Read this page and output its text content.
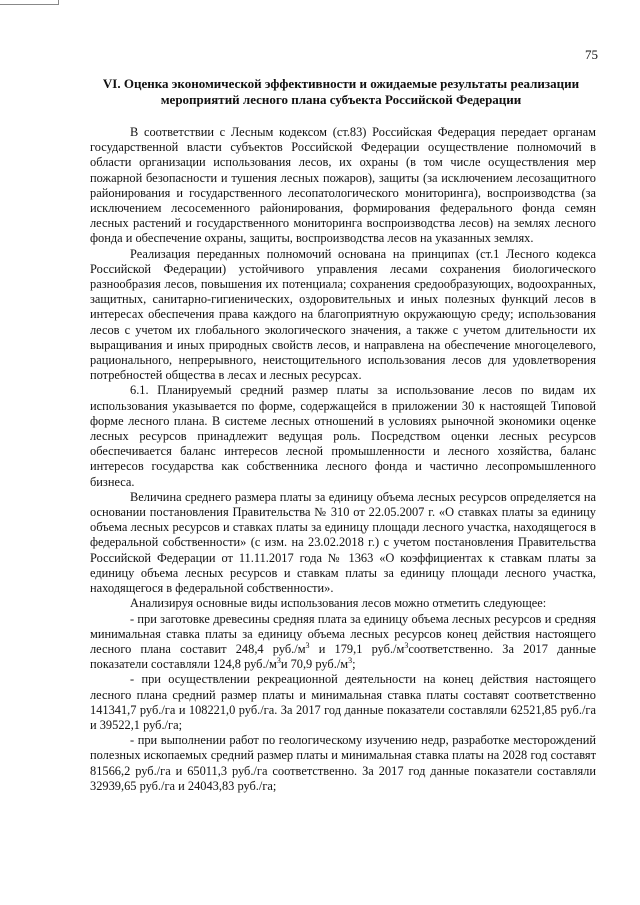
75
VI. Оценка экономической эффективности и ожидаемые результаты реализации
мероприятий лесного плана субъекта Российской Федерации

В соответствии с Лесным кодексом (ст.83) Российская Федерация передает органам государственной власти субъектов Российской Федерации осуществление полномочий в области организации использования лесов, их охраны (в том числе осуществления мер пожарной безопасности и тушения лесных пожаров), защиты (за исключением лесозащитного районирования и государственного лесопатологического мониторинга), воспроизводства (за исключением лесосеменного районирования, формирования федерального фонда семян лесных растений и государственного мониторинга воспроизводства лесов) на землях лесного фонда и обеспечение охраны, защиты, воспроизводства лесов на указанных землях.

Реализация переданных полномочий основана на принципах (ст.1 Лесного кодекса Российской Федерации) устойчивого управления лесами сохранения биологического разнообразия лесов, повышения их потенциала; сохранения средообразующих, водоохранных, защитных, санитарно-гигиенических, оздоровительных и иных полезных функций лесов в интересах обеспечения права каждого на благоприятную окружающую среду; использования лесов с учетом их глобального экологического значения, а также с учетом длительности их выращивания и иных природных свойств лесов, и направлена на обеспечение многоцелевого, рационального, непрерывного, неистощительного использования лесов для удовлетворения потребностей общества в лесах и лесных ресурсах.

6.1. Планируемый средний размер платы за использование лесов по видам их использования указывается по форме, содержащейся в приложении 30 к настоящей Типовой форме лесного плана. В системе лесных отношений в условиях рыночной экономики оценке лесных ресурсов принадлежит ведущая роль. Посредством оценки лесных ресурсов обеспечивается баланс интересов лесной промышленности и лесного хозяйства, баланс интересов государства как собственника лесного фонда и частично лесопромышленного бизнеса.

Величина среднего размера платы за единицу объема лесных ресурсов определяется на основании постановления Правительства № 310 от 22.05.2007 г. «О ставках платы за единицу объема лесных ресурсов и ставках платы за единицу площади лесного участка, находящегося в федеральной собственности» (с изм. на 23.02.2018 г.) с учетом постановления Правительства Российской Федерации от 11.11.2017 года № 1363 «О коэффициентах к ставкам платы за единицу объема лесных ресурсов и ставкам платы за единицу площади лесного участка, находящегося в федеральной собственности».

Анализируя основные виды использования лесов можно отметить следующее:

- при заготовке древесины средняя плата за единицу объема лесных ресурсов и средняя минимальная ставка платы за единицу объема лесных ресурсов конец действия настоящего лесного плана составит 248,4 $руб./м^3$ и 179,1 $руб./м^3соответственно$. За 2017 данные показатели составляли 124,8 $руб./м^3и$ 70,9 $руб./м^3$;

- при осуществлении рекреационной деятельности на конец действия настоящего лесного плана средний размер платы и минимальная ставка платы составят соответственно 141341,7 руб./га и 108221,0 руб./га. За 2017 год данные показатели составляли 62521,85 руб./га и 39522,1 руб./га;

- при выполнении работ по геологическому изучению недр, разработке месторождений полезных ископаемых средний размер платы и минимальная ставка платы на 2028 год составят 81566,2 руб./га и 65011,3 руб./га соответственно. За 2017 год данные показатели составляли 32939,65 руб./га и 24043,83 руб./га;
